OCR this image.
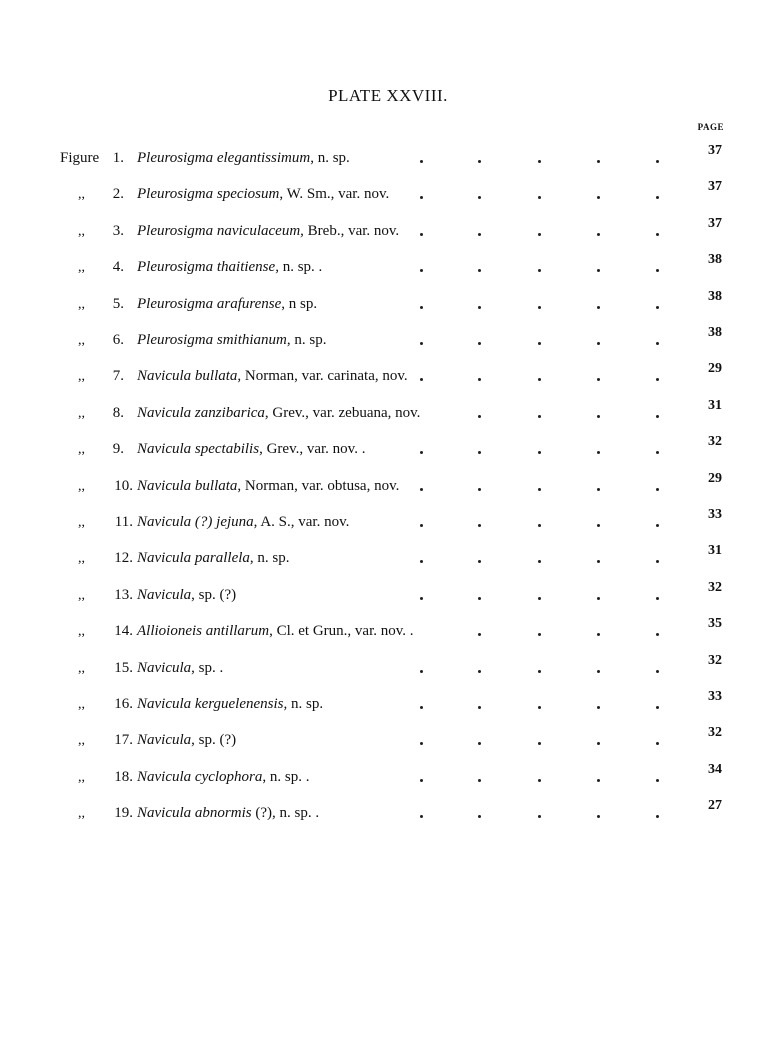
PLATE XXVIII.
PAGE
Figure 1. Pleurosigma elegantissimum, n. sp.	37
,, 2. Pleurosigma speciosum, W. Sm., var. nov.	37
,, 3. Pleurosigma naviculaceum, Breb., var. nov.	37
,, 4. Pleurosigma thaitiense, n. sp. .	38
,, 5. Pleurosigma arafurense, n sp.	38
,, 6. Pleurosigma smithianum, n. sp.	38
,, 7. Navicula bullata, Norman, var. carinata, nov.	29
,, 8. Navicula zanzibarica, Grev., var. zebuana, nov.	31
,, 9. Navicula spectabilis, Grev., var. nov. .	32
,, 10. Navicula bullata, Norman, var. obtusa, nov.	29
,, 11. Navicula (?) jejuna, A. S., var. nov.	33
,, 12. Navicula parallela, n. sp.	31
,, 13. Navicula, sp. (?)	32
,, 14. Allioioneis antillarum, Cl. et Grun., var. nov. .	35
,, 15. Navicula, sp. .	32
,, 16. Navicula kerguelenensis, n. sp.	33
,, 17. Navicula, sp. (?)	32
,, 18. Navicula cyclophora, n. sp. .	34
,, 19. Navicula abnormis (?), n. sp. .	27
